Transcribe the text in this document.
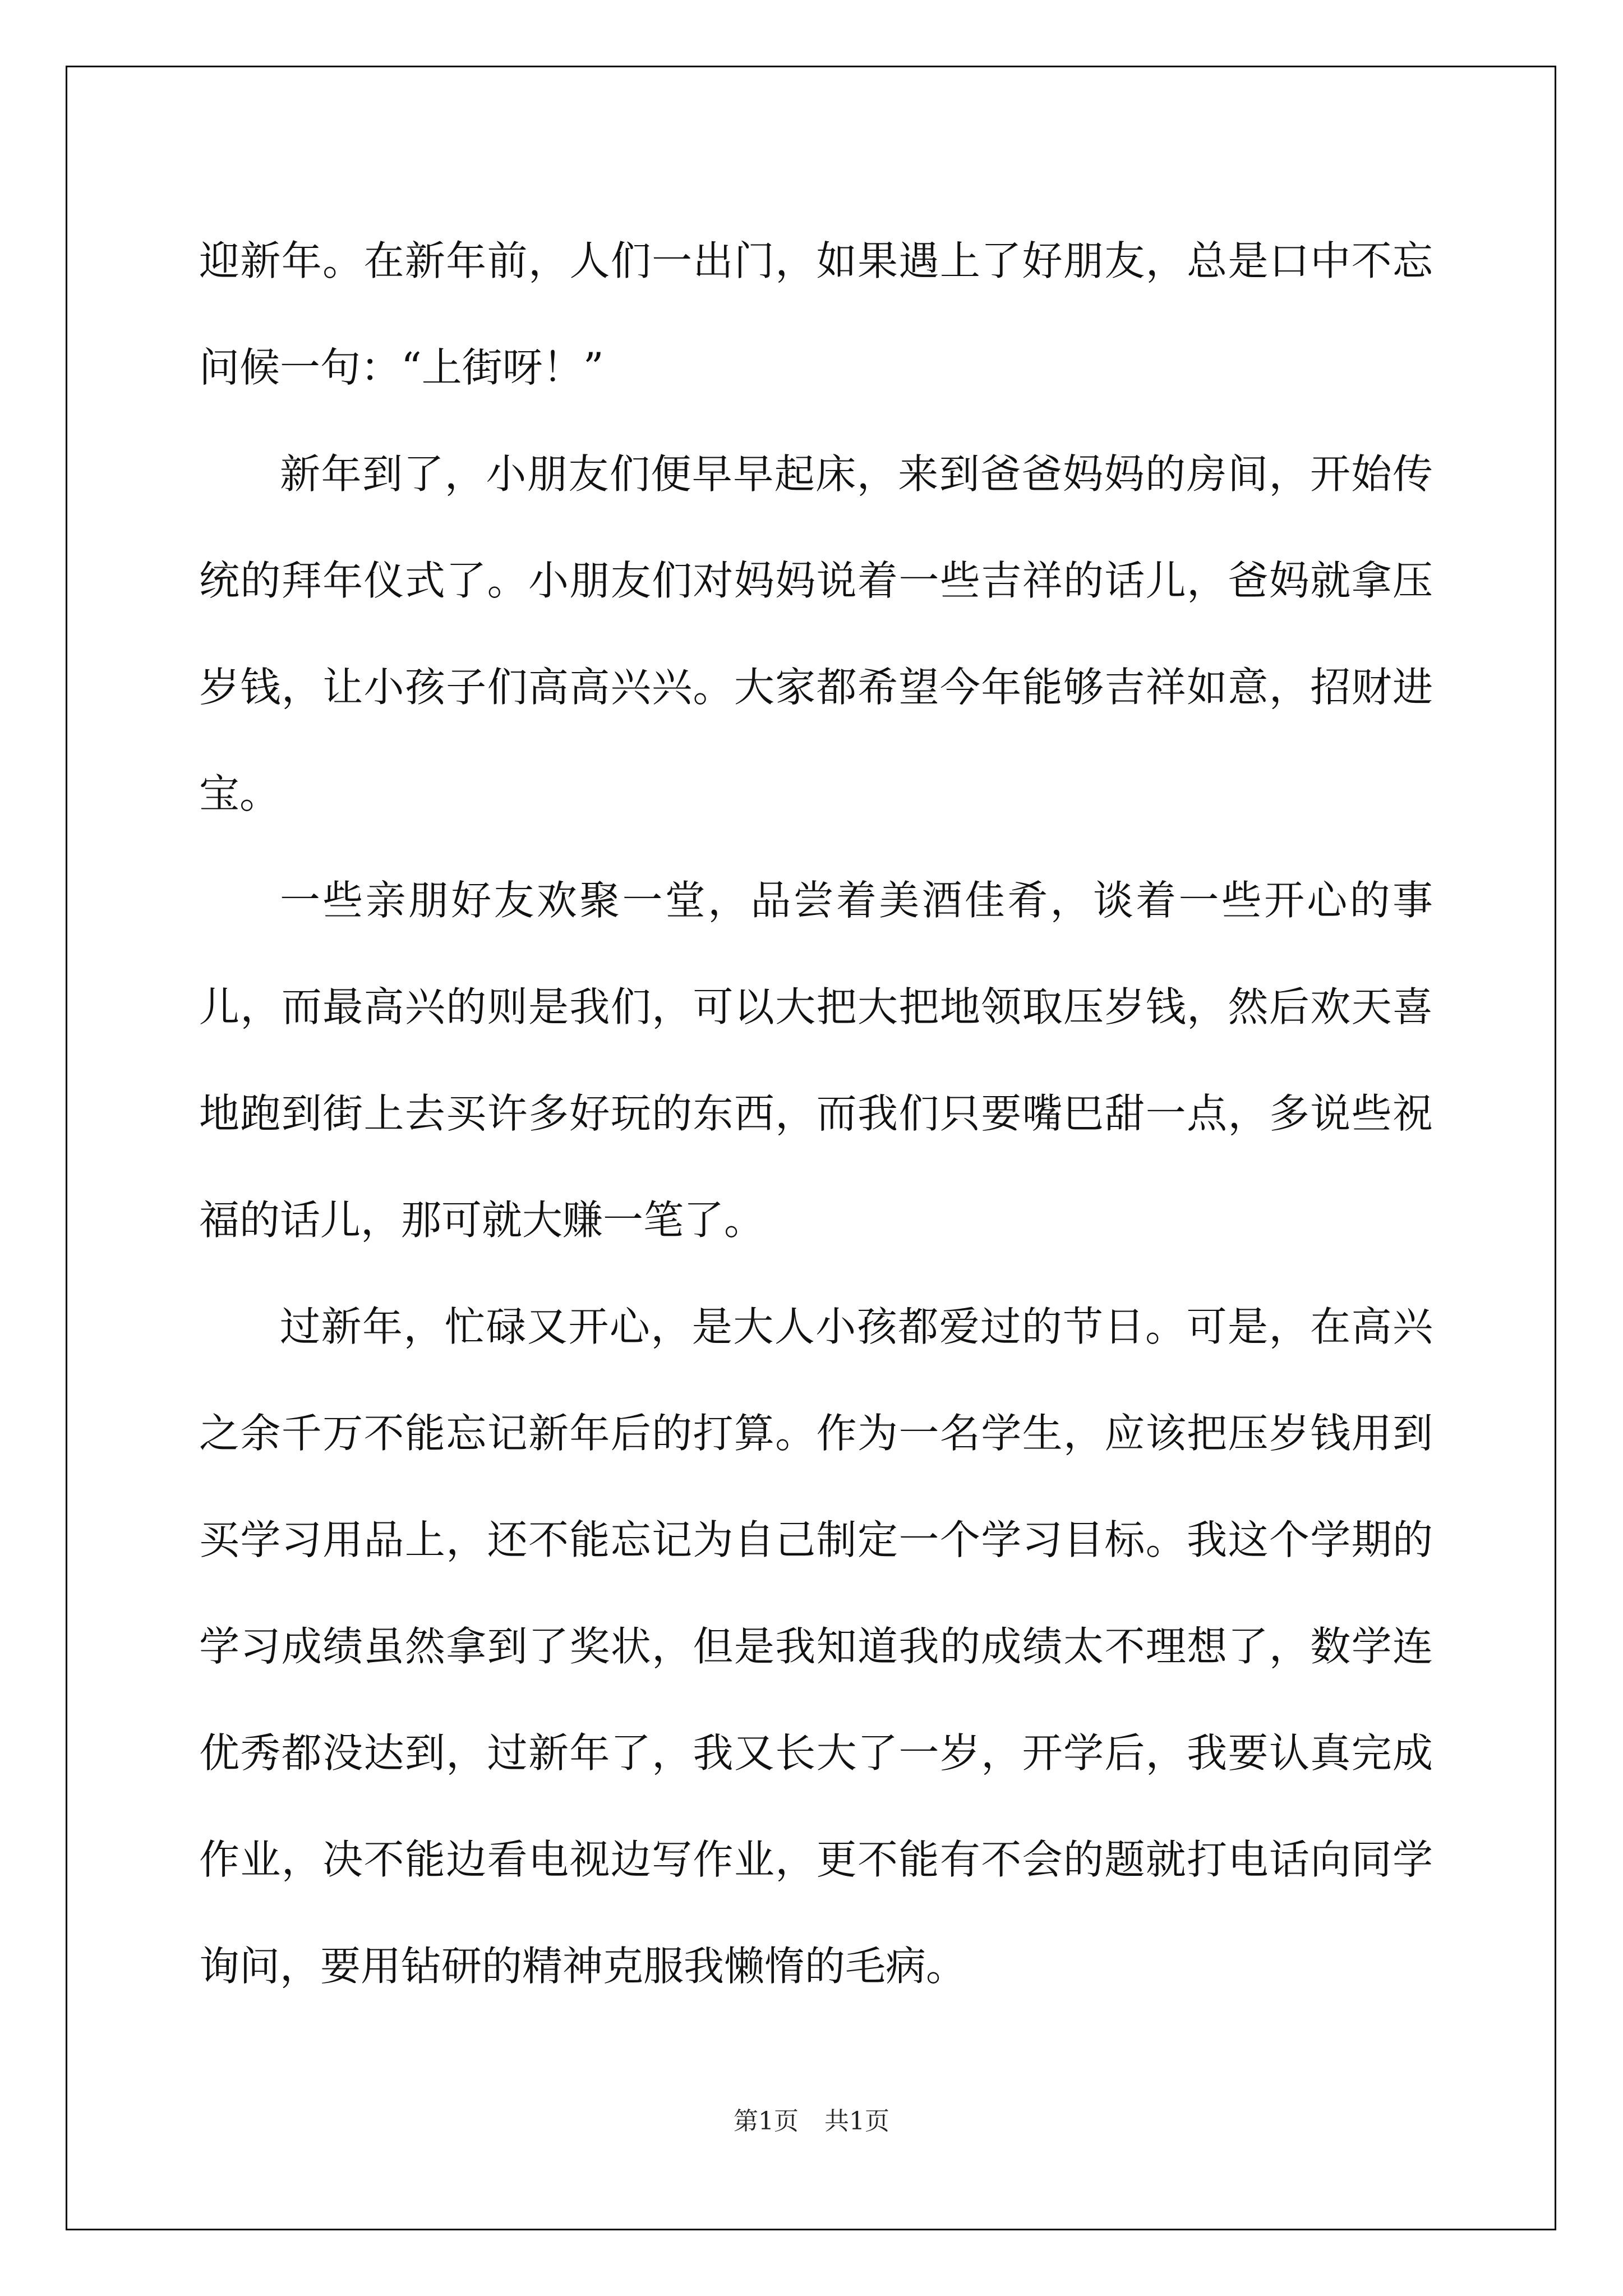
迎新年。在新年前，人们一出门，如果遇上了好朋友，总是口中不忘问候一句：“上街呀！”

新年到了，小朋友们便早早起床，来到爸爸妈妈的房间，开始传统的拜年仪式了。小朋友们对妈妈说着一些吉祥的话儿，爸妈就拿压岁钱，让小孩子们高高兴兴。大家都希望今年能够吉祥如意，招财进宝。

一些亲朋好友欢聚一堂，品尝着美酒佳肴，谈着一些开心的事儿，而最高兴的则是我们，可以大把大把地领取压岁钱，然后欢天喜地跑到街上去买许多好玩的东西，而我们只要嘴巴甜一点，多说些祝福的话儿，那可就大赚一笔了。

过新年，忙碌又开心，是大人小孩都爱过的节日。可是，在高兴之余千万不能忘记新年后的打算。作为一名学生，应该把压岁钱用到买学习用品上，还不能忘记为自己制定一个学习目标。我这个学期的学习成绩虽然拿到了奖状，但是我知道我的成绩太不理想了，数学连优秀都没达到，过新年了，我又长大了一岁，开学后，我要认真完成作业，决不能边看电视边写作业，更不能有不会的题就打电话向同学询问，要用钻研的精神克服我懒惰的毛病。

第1页 共1页
